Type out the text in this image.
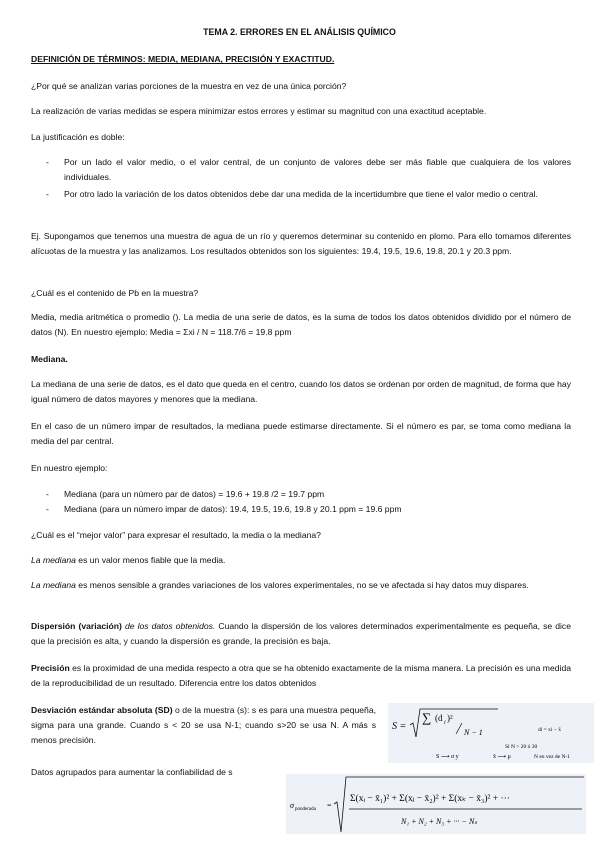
TEMA 2. ERRORES EN EL ANÁLISIS QUÍMICO
DEFINICIÓN DE TÉRMINOS: MEDIA, MEDIANA, PRECISIÓN Y EXACTITUD.
¿Por qué se analizan varias porciones de la muestra en vez de una única porción?
La realización de varias medidas se espera minimizar estos errores y estimar su magnitud con una exactitud aceptable.
La justificación es doble:
- Por un lado el valor medio, o el valor central, de un conjunto de valores debe ser más fiable que cualquiera de los valores individuales.
- Por otro lado la variación de los datos obtenidos debe dar una medida de la incertidumbre que tiene el valor medio o central.
Ej. Supongamos que tenemos una muestra de agua de un río y queremos determinar su contenido en plomo. Para ello tomamos diferentes alícuotas de la muestra y las analizamos. Los resultados obtenidos son los siguientes: 19.4, 19.5, 19.6, 19.8, 20.1 y 20.3 ppm.
¿Cuál es el contenido de Pb en la muestra?
Media, media aritmética o promedio (). La media de una serie de datos, es la suma de todos los datos obtenidos dividido por el número de datos (N). En nuestro ejemplo: Media = Σxi / N = 118.7/6 = 19.8 ppm
Mediana.
La mediana de una serie de datos, es el dato que queda en el centro, cuando los datos se ordenan por orden de magnitud, de forma que hay igual número de datos mayores y menores que la mediana.
En el caso de un número impar de resultados, la mediana puede estimarse directamente. Si el número es par, se toma como mediana la media del par central.
En nuestro ejemplo:
- Mediana (para un número par de datos) = 19.6 + 19.8 /2 = 19.7 ppm
- Mediana (para un número impar de datos): 19.4, 19.5, 19.6, 19.8 y 20.1 ppm = 19.6 ppm
¿Cuál es el “mejor valor” para expresar el resultado, la media o la mediana?
La mediana es un valor menos fiable que la media.
La mediana es menos sensible a grandes variaciones de los valores experimentales, no se ve afectada si hay datos muy dispares.
Dispersión (variación) de los datos obtenidos. Cuando la dispersión de los valores determinados experimentalmente es pequeña, se dice que la precisión es alta, y cuando la dispersión es grande, la precisión es baja.
Precisión es la proximidad de una medida respecto a otra que se ha obtenido exactamente de la misma manera. La precisión es una medida de la reproducibilidad de un resultado. Diferencia entre los datos obtenidos
Desviación estándar absoluta (SD) o de la muestra (s): s es para una muestra pequeña, sigma para una grande. Cuando s < 20 se usa N-1; cuando s>20 se usa N. A más s menos precisión.
S =
∑ (d i )²
N − 1	di = xi − x̄
Si N > 20 ó 30
S ⟶ σ y	x̄ ⟶ μ	N en vez de N-1
Datos agrupados para aumentar la confiabilidad de s
σ ponderada =
Σ(xᵢ − x̄₁)² + Σ(xⱼ − x̄₂)² + Σ(xₖ − x̄₃)² + ···
N₁ + N₂ + N₃ + ··· − Nₛ
